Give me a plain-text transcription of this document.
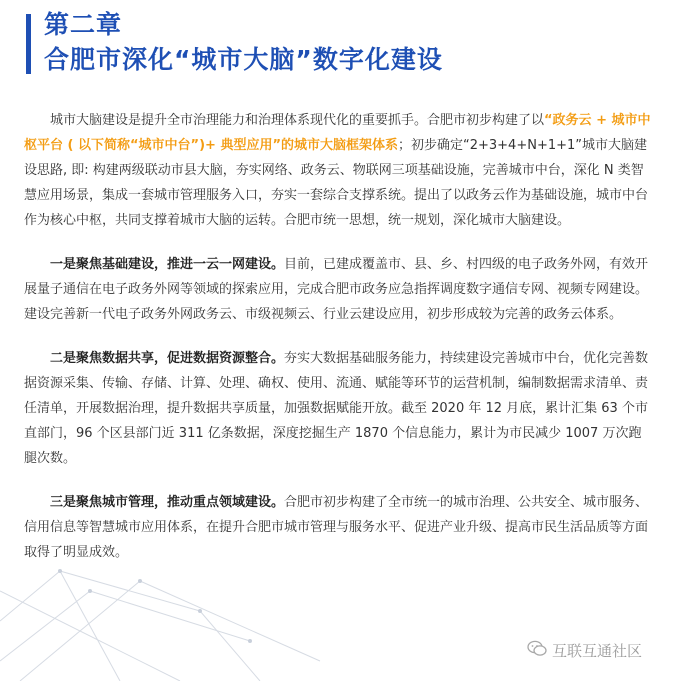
第二章
合肥市深化“城市大脑”数字化建设

城市大脑建设是提升全市治理能力和治理体系现代化的重要抓手。合肥市初步构建了以“政务云 + 城市中枢平台 ( 以下简称“城市中台”)+ 典型应用”的城市大脑框架体系；初步确定“2+3+4+N+1+1”城市大脑建设思路, 即: 构建两级联动市县大脑，夯实网络、政务云、物联网三项基础设施，完善城市中台，深化 N 类智慧应用场景，集成一套城市管理服务入口，夯实一套综合支撑系统。提出了以政务云作为基础设施，城市中台作为核心中枢，共同支撑着城市大脑的运转。合肥市统一思想，统一规划，深化城市大脑建设。

一是聚焦基础建设，推进一云一网建设。目前，已建成覆盖市、县、乡、村四级的电子政务外网，有效开展量子通信在电子政务外网等领域的探索应用，完成合肥市政务应急指挥调度数字通信专网、视频专网建设。建设完善新一代电子政务外网政务云、市级视频云、行业云建设应用，初步形成较为完善的政务云体系。

二是聚焦数据共享，促进数据资源整合。夯实大数据基础服务能力，持续建设完善城市中台，优化完善数据资源采集、传输、存储、计算、处理、确权、使用、流通、赋能等环节的运营机制，编制数据需求清单、责任清单，开展数据治理，提升数据共享质量，加强数据赋能开放。截至 2020 年 12 月底，累计汇集 63 个市直部门，96 个区县部门近 311 亿条数据，深度挖掘生产 1870 个信息能力，累计为市民减少 1007 万次跑腿次数。

三是聚焦城市管理，推动重点领域建设。合肥市初步构建了全市统一的城市治理、公共安全、城市服务、信用信息等智慧城市应用体系，在提升合肥市城市管理与服务水平、促进产业升级、提高市民生活品质等方面取得了明显成效。

互联互通社区
